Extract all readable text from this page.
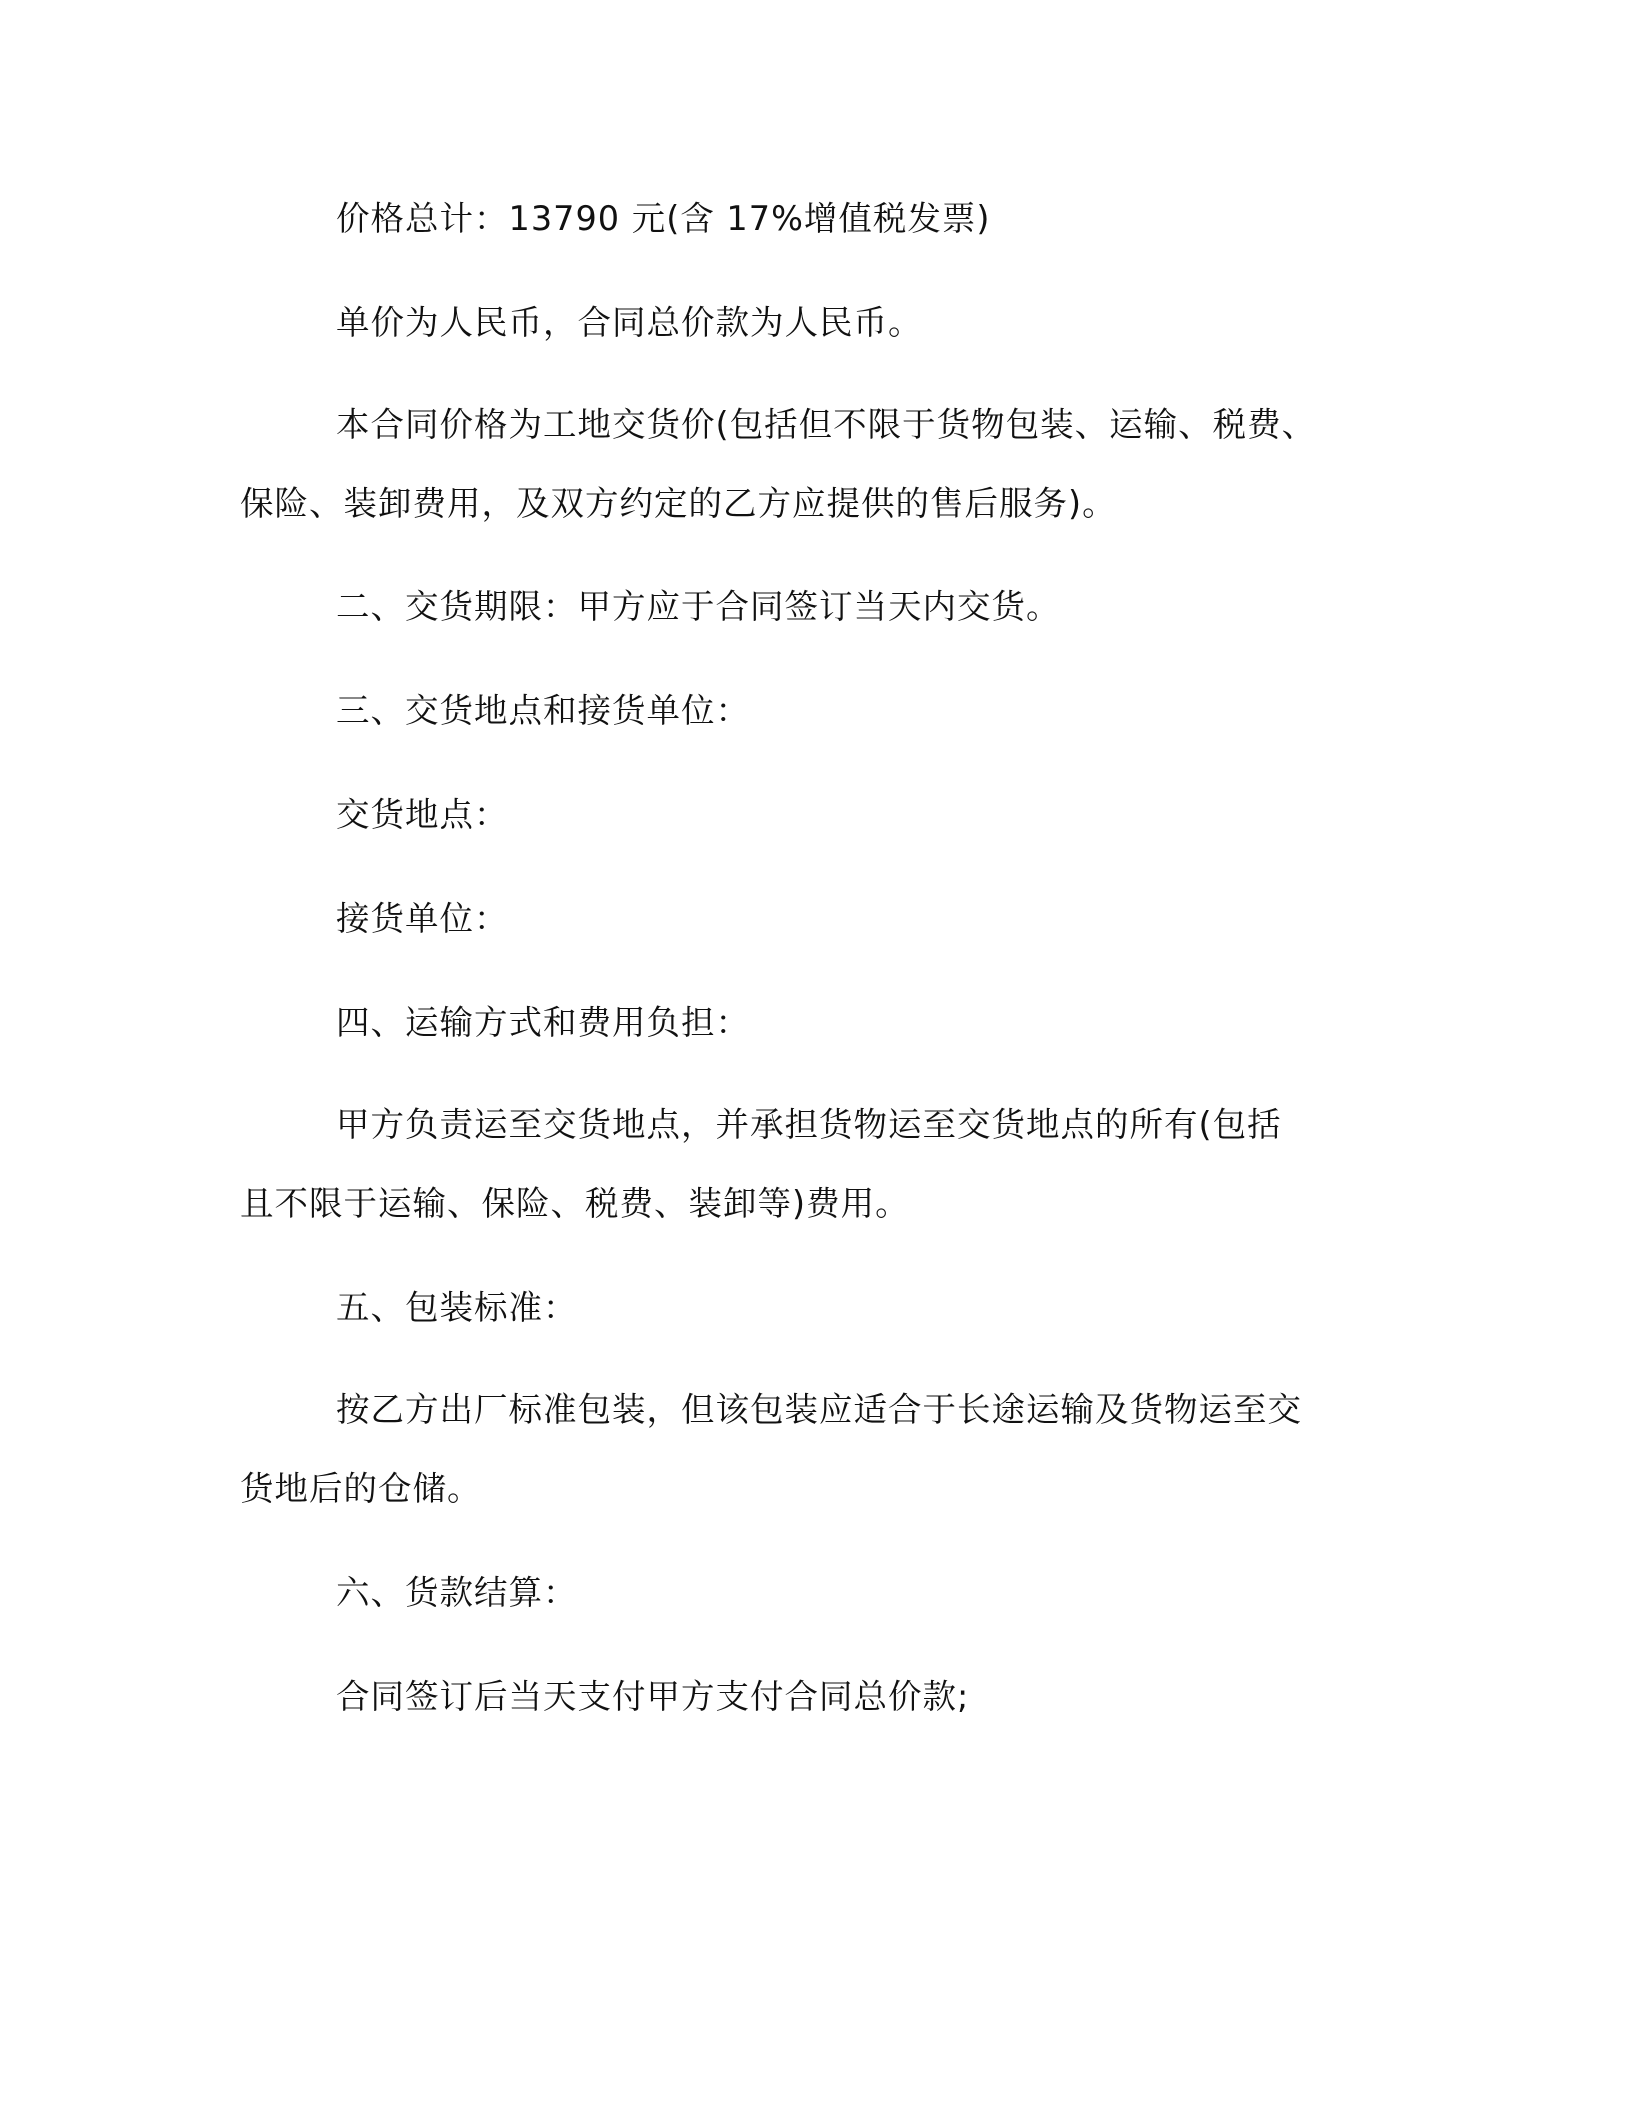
价格总计：13790 元(含 17%增值税发票)

单价为人民币，合同总价款为人民币。

本合同价格为工地交货价(包括但不限于货物包装、运输、税费、

保险、装卸费用，及双方约定的乙方应提供的售后服务)。

二、交货期限：甲方应于合同签订当天内交货。

三、交货地点和接货单位：

交货地点：

接货单位：

四、运输方式和费用负担：

甲方负责运至交货地点，并承担货物运至交货地点的所有(包括

且不限于运输、保险、税费、装卸等)费用。

五、包装标准：

按乙方出厂标准包装，但该包装应适合于长途运输及货物运至交

货地后的仓储。

六、货款结算：

合同签订后当天支付甲方支付合同总价款;
